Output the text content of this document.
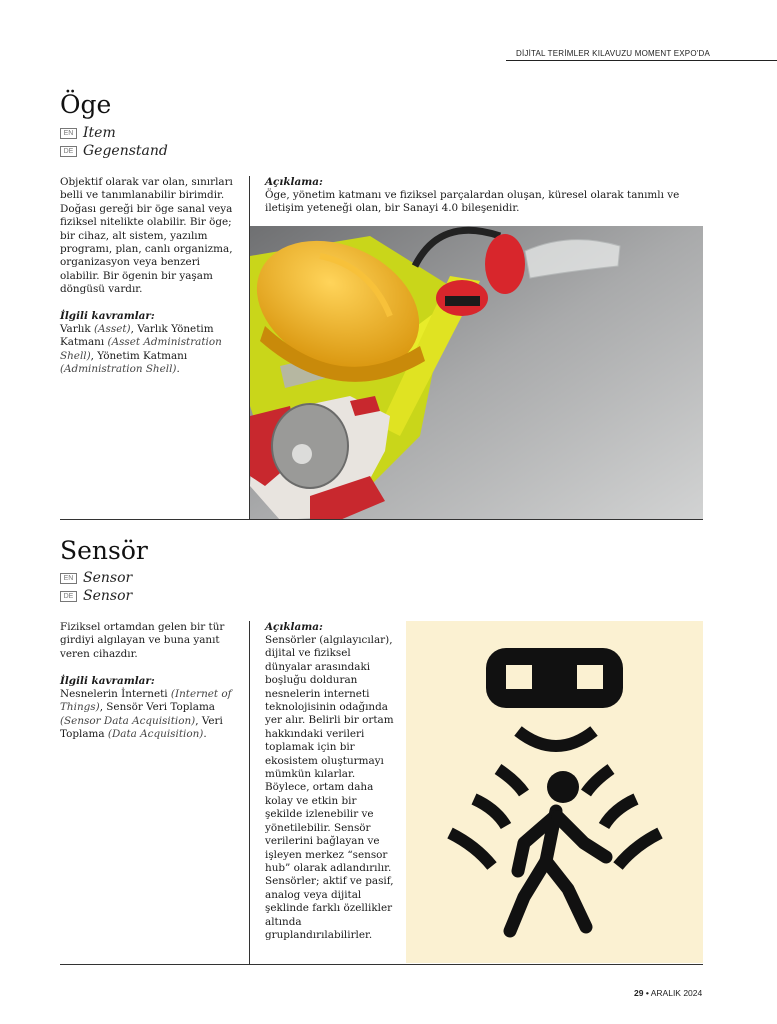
DİJİTAL TERİMLER KILAVUZU MOMENT EXPO'DA
Öge
EN Item
DE Gegenstand
Objektif olarak var olan, sınırları belli ve tanımlanabilir birimdir. Doğası gereği bir öge sanal veya fiziksel nitelikte olabilir. Bir öge; bir cihaz, alt sistem, yazılım programı, plan, canlı organizma, organizasyon veya benzeri olabilir. Bir ögenin bir yaşam döngüsü vardır.
İlgili kavramlar:
Varlık (Asset), Varlık Yönetim Katmanı (Asset Administration Shell), Yönetim Katmanı (Administration Shell).
Açıklama:
Öge, yönetim katmanı ve fiziksel parçalardan oluşan, küresel olarak tanımlı ve iletişim yeteneği olan, bir Sanayi 4.0 bileşenidir.
Sensör
EN Sensor
DE Sensor
Fiziksel ortamdan gelen bir tür girdiyi algılayan ve buna yanıt veren cihazdır.
İlgili kavramlar:
Nesnelerin İnterneti (Internet of Things), Sensör Veri Toplama (Sensor Data Acquisition), Veri Toplama (Data Acquisition).
Açıklama:
Sensörler (algılayıcılar), dijital ve fiziksel dünyalar arasındaki boşluğu dolduran nesnelerin interneti teknolojisinin odağında yer alır. Belirli bir ortam hakkındaki verileri toplamak için bir ekosistem oluşturmayı mümkün kılarlar. Böylece, ortam daha kolay ve etkin bir şekilde izlenebilir ve yönetilebilir. Sensör verilerini bağlayan ve işleyen merkez “sensor hub” olarak adlandırılır. Sensörler; aktif ve pasif, analog veya dijital şeklinde farklı özellikler altında gruplandırılabilirler.
29 • ARALIK 2024
